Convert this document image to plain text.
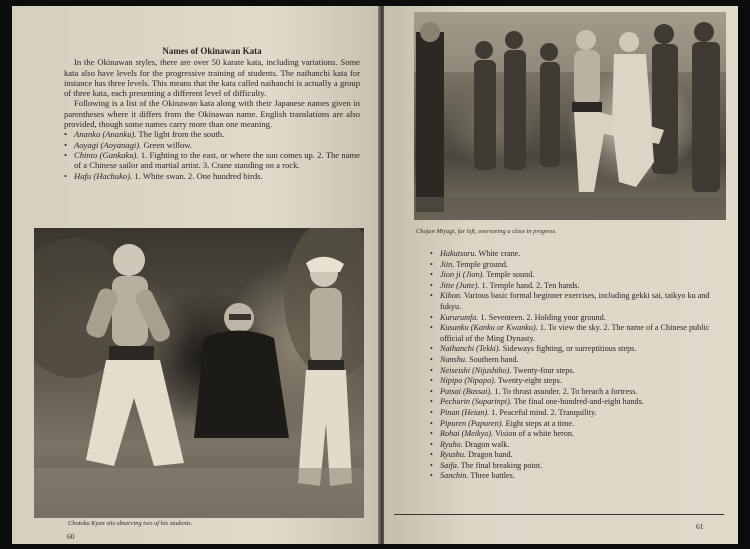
Names of Okinawan Kata

In the Okinawan styles, there are over 50 karate kata, including variations. Some kata also have levels for the progressive training of students. The naihanchi kata for instance has three levels. This means that the kata called naihanchi is actually a group of three kata, each presenting a different level of difficulty.

Following is a list of the Okinawan kata along with their Japanese names given in parentheses where it differs from the Okinawan name. English translations are also provided, though some names carry more than one meaning.

• Ananko (Ananku). The light from the south.
• Aoyagi (Aoyanagi). Green willow.
• Chinto (Gankaku). 1. Fighting to the east, or where the sun comes up. 2. The name of a Chinese sailor and martial artist. 3. Crane standing on a rock.
• Hafu (Hachuko). 1. White swan. 2. One hundred birds.
Chotoku Kyan sits observing two of his students.
60
Chojun Miyagi, far left, overseeing a class in progress.
• Hakutsuru. White crane.
• Jiin. Temple ground.
• Jion ji (Jion). Temple sound.
• Jitte (Jutte). 1. Temple hand. 2. Ten hands.
• Kihon. Various basic formal beginner exercises, including gekki sai, taikyo ku and fukyu.
• Kururumfa. 1. Seventeen. 2. Holding your ground.
• Kusanku (Kanku or Kwanku). 1. To view the sky. 2. The name of a Chinese public official of the Ming Dynasty.
• Naihanchi (Tekki). Sideways fighting, or surreptitious steps.
• Nanshu. Southern hand.
• Neiseishi (Nijushiho). Twenty-four steps.
• Nipipo (Nipapo). Twenty-eight steps.
• Patsai (Bassai). 1. To thrust asunder. 2. To breach a fortress.
• Pechurin (Suparinpi). The final one-hundred-and-eight hands.
• Pinan (Heian). 1. Peaceful mind. 2. Tranquility.
• Pipuren (Papuren). Eight steps at a time.
• Rohai (Meikyo). Vision of a white heron.
• Ryuho. Dragon walk.
• Ryushu. Dragon hand.
• Saifa. The final breaking point.
• Sanchin. Three battles.
61
